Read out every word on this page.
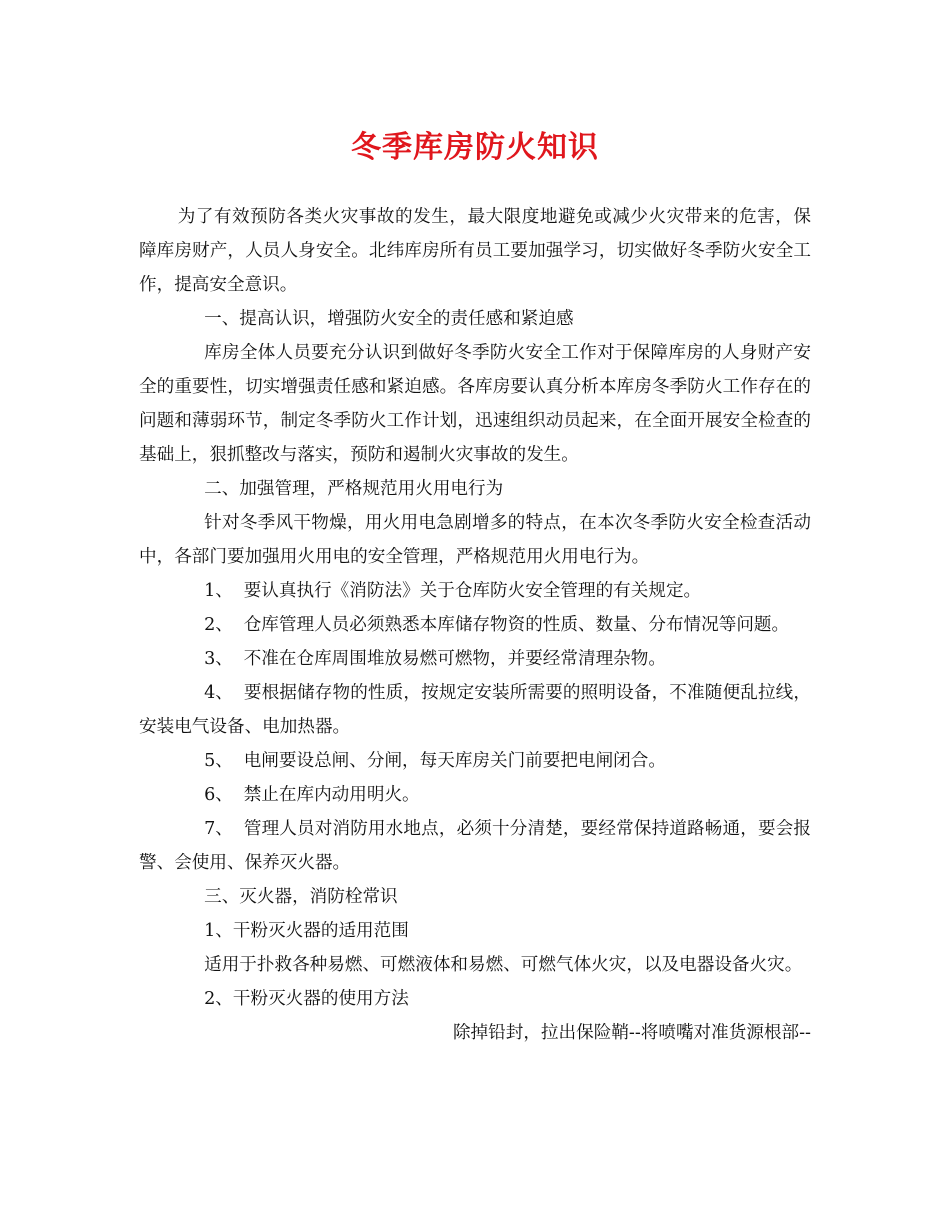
冬季库房防火知识

为了有效预防各类火灾事故的发生，最大限度地避免或减少火灾带来的危害，保障库房财产，人员人身安全。北纬库房所有员工要加强学习，切实做好冬季防火安全工作，提高安全意识。

一、提高认识，增强防火安全的责任感和紧迫感

库房全体人员要充分认识到做好冬季防火安全工作对于保障库房的人身财产安全的重要性，切实增强责任感和紧迫感。各库房要认真分析本库房冬季防火工作存在的问题和薄弱环节，制定冬季防火工作计划，迅速组织动员起来，在全面开展安全检查的基础上，狠抓整改与落实，预防和遏制火灾事故的发生。

二、加强管理，严格规范用火用电行为

针对冬季风干物燥，用火用电急剧增多的特点，在本次冬季防火安全检查活动中，各部门要加强用火用电的安全管理，严格规范用火用电行为。

1、 要认真执行《消防法》关于仓库防火安全管理的有关规定。

2、 仓库管理人员必须熟悉本库储存物资的性质、数量、分布情况等问题。

3、 不准在仓库周围堆放易燃可燃物，并要经常清理杂物。

4、 要根据储存物的性质，按规定安装所需要的照明设备，不准随便乱拉线，安装电气设备、电加热器。

5、 电闸要设总闸、分闸，每天库房关门前要把电闸闭合。

6、 禁止在库内动用明火。

7、 管理人员对消防用水地点，必须十分清楚，要经常保持道路畅通，要会报警、会使用、保养灭火器。

三、灭火器，消防栓常识

1、干粉灭火器的适用范围

适用于扑救各种易燃、可燃液体和易燃、可燃气体火灾，以及电器设备火灾。

2、干粉灭火器的使用方法

除掉铅封，拉出保险鞘--将喷嘴对准货源根部--
